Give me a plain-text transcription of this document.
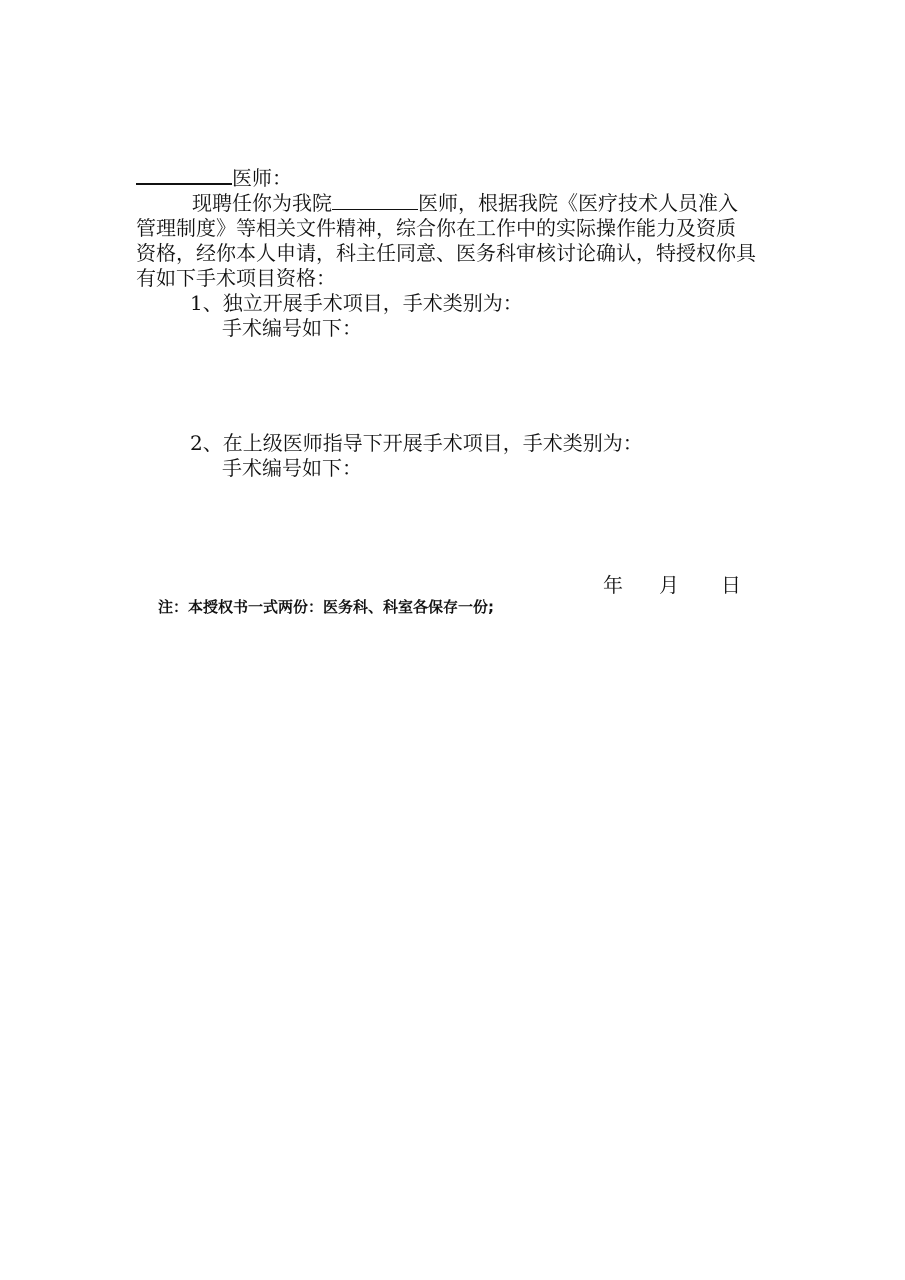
医师：
现聘任你为我院	医师，根据我院《医疗技术人员准入
管理制度》等相关文件精神，综合你在工作中的实际操作能力及资质
资格，经你本人申请，科主任同意、医务科审核讨论确认，特授权你具
有如下手术项目资格：
1、独立开展手术项目，手术类别为：
手术编号如下：
2、在上级医师指导下开展手术项目，手术类别为：
手术编号如下：
年 月 日
注：本授权书一式两份：医务科、科室各保存一份;
